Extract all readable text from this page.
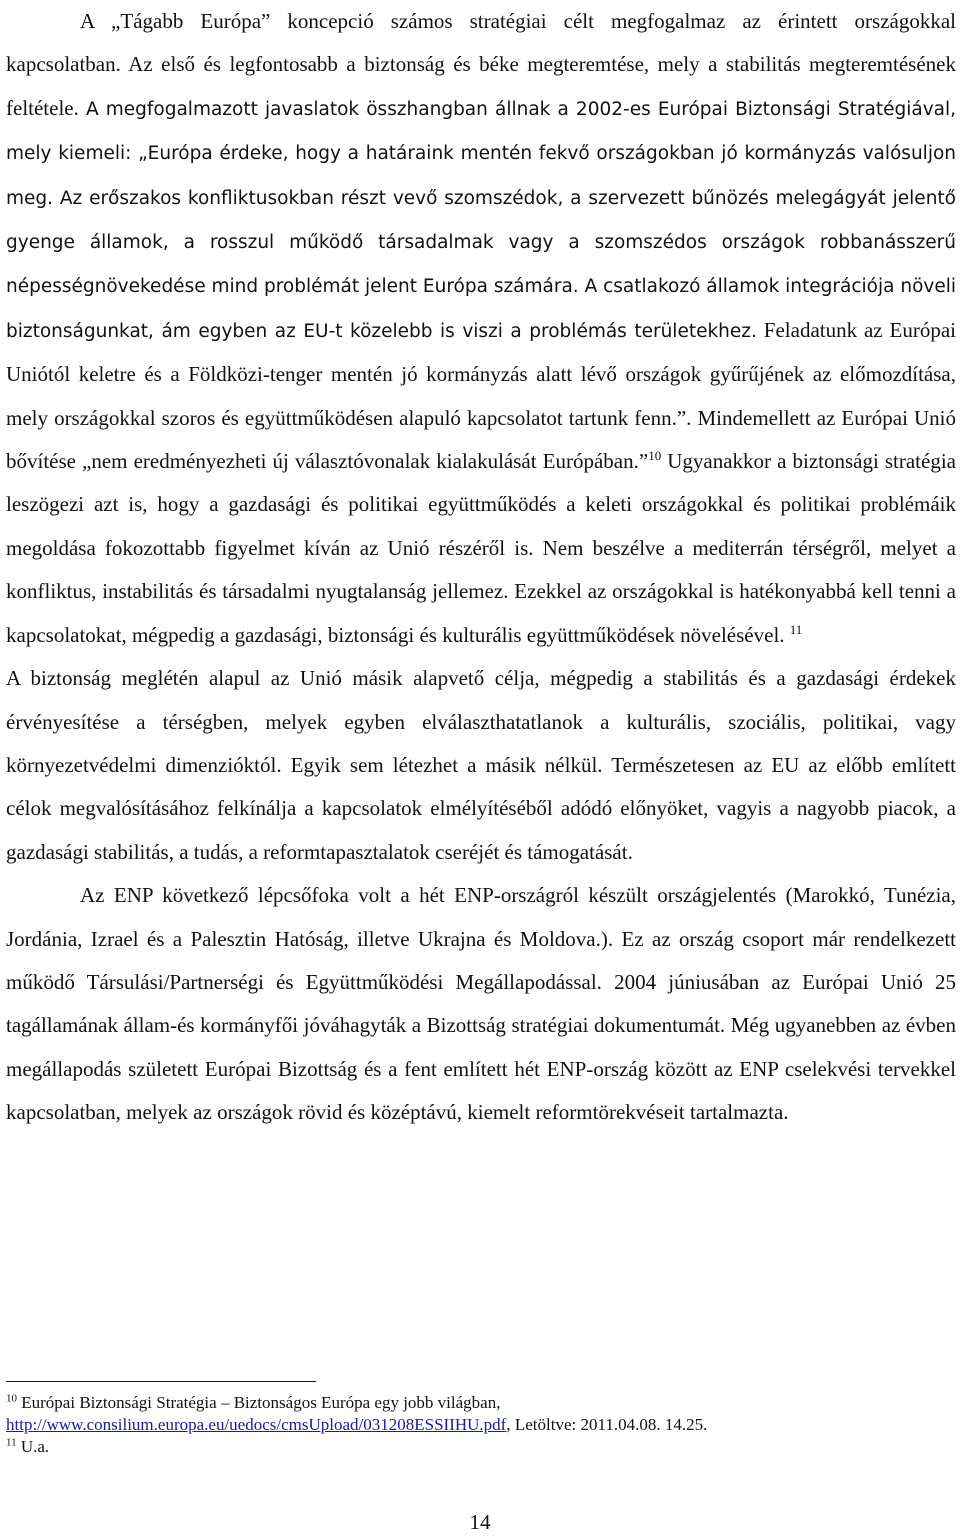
A „Tágabb Európa” koncepció számos stratégiai célt megfogalmaz az érintett országokkal kapcsolatban. Az első és legfontosabb a biztonság és béke megteremtése, mely a stabilitás megteremtésének feltétele. A megfogalmazott javaslatok összhangban állnak a 2002-es Európai Biztonsági Stratégiával, mely kiemeli: „Európa érdeke, hogy a határaink mentén fekvő országokban jó kormányzás valósuljon meg. Az erőszakos konfliktusokban részt vevő szomszédok, a szervezett bűnözés melegágyát jelentő gyenge államok, a rosszul működő társadalmak vagy a szomszédos országok robbanásszerű népességnövekedése mind problémát jelent Európa számára. A csatlakozó államok integrációja növeli biztonságunkat, ám egyben az EU-t közelebb is viszi a problémás területekhez. Feladatunk az Európai Uniótól keletre és a Földközi-tenger mentén jó kormányzás alatt lévő országok gyűrűjének az előmozdítása, mely országokkal szoros és együttműködésen alapuló kapcsolatot tartunk fenn.”. Mindemellett az Európai Unió bővítése „nem eredményezheti új választóvonalak kialakulását Európában.”$^{10}$ Ugyanakkor a biztonsági stratégia leszögezi azt is, hogy a gazdasági és politikai együttműködés a keleti országokkal és politikai problémáik megoldása fokozottabb figyelmet kíván az Unió részéről is. Nem beszélve a mediterrán térségről, melyet a konfliktus, instabilitás és társadalmi nyugtalanság jellemez. Ezekkel az országokkal is hatékonyabbá kell tenni a kapcsolatokat, mégpedig a gazdasági, biztonsági és kulturális együttműködések növelésével. $^{11}$

A biztonság meglétén alapul az Unió másik alapvető célja, mégpedig a stabilitás és a gazdasági érdekek érvényesítése a térségben, melyek egyben elválaszthatatlanok a kulturális, szociális, politikai, vagy környezetvédelmi dimenzióktól. Egyik sem létezhet a másik nélkül. Természetesen az EU az előbb említett célok megvalósításához felkínálja a kapcsolatok elmélyítéséből adódó előnyöket, vagyis a nagyobb piacok, a gazdasági stabilitás, a tudás, a reformtapasztalatok cseréjét és támogatását.

Az ENP következő lépcsőfoka volt a hét ENP-országról készült országjelentés (Marokkó, Tunézia, Jordánia, Izrael és a Palesztin Hatóság, illetve Ukrajna és Moldova.). Ez az ország csoport már rendelkezett működő Társulási/Partnerségi és Együttműködési Megállapodással. 2004 júniusában az Európai Unió 25 tagállamának állam-és kormányfői jóváhagyták a Bizottság stratégiai dokumentumát. Még ugyanebben az évben megállapodás született Európai Bizottság és a fent említett hét ENP-ország között az ENP cselekvési tervekkel kapcsolatban, melyek az országok rövid és középtávú, kiemelt reformtörekvéseit tartalmazta.

$^{10}$ Európai Biztonsági Stratégia – Biztonságos Európa egy jobb világban,
http://www.consilium.europa.eu/uedocs/cmsUpload/031208ESSIIHU.pdf, Letöltve: 2011.04.08. 14.25.

$^{11}$ U.a.

14
